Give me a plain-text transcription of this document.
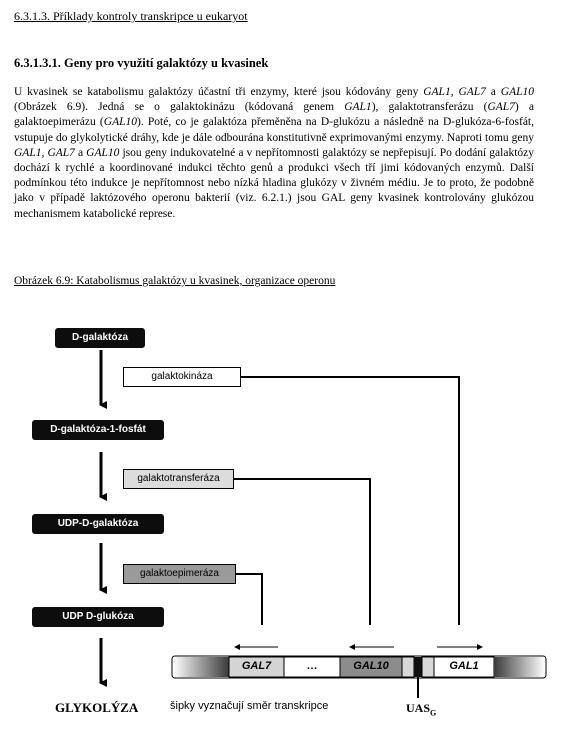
6.3.1.3. Příklady kontroly transkripce u eukaryot
6.3.1.3.1. Geny pro využití galaktózy u kvasinek
U kvasinek se katabolismu galaktózy účastní tři enzymy, které jsou kódovány geny GAL1, GAL7 a GAL10 (Obrázek 6.9). Jedná se o galaktokinázu (kódovaná genem GAL1), galaktotransferázu (GAL7) a galaktoepimerázu (GAL10). Poté, co je galaktóza přeměněna na D-glukózu a následně na D-glukóza-6-fosfát, vstupuje do glykolytické dráhy, kde je dále odbourána konstitutivně exprimovanými enzymy. Naproti tomu geny GAL1, GAL7 a GAL10 jsou geny indukovatelné a v nepřítomnosti galaktózy se nepřepisují. Po dodání galaktózy dochází k rychlé a koordinované indukci těchto genů a produkci všech tří jimi kódovaných enzymů. Další podmínkou této indukce je nepřítomnost nebo nízká hladina glukózy v živném médiu. Je to proto, že podobně jako v případě laktózového operonu bakterií (viz. 6.2.1.) jsou GAL geny kvasinek kontrolovány glukózou mechanismem katabolické represe.
Obrázek 6.9: Katabolismus galaktózy u kvasinek, organizace operonu
D-galaktóza
D-galaktóza-1-fosfát
UDP-D-galaktóza
UDP D-glukóza
galaktokináza
galaktotransferáza
galaktoepimeráza
GAL7	…	GAL10	GAL1
GLYKOLÝZA	šipky vyznačují směr transkripce	$UAS_G$
